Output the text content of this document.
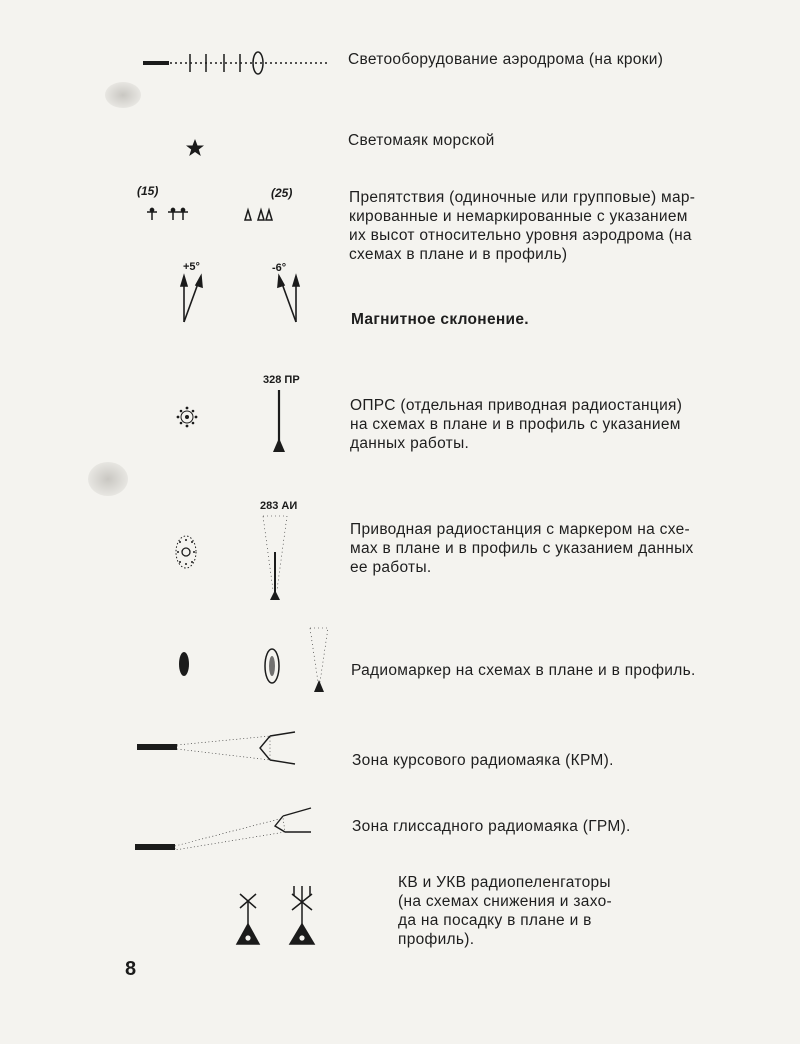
Светооборудование аэродрома (на кроки)
Светомаяк морской
(15)	(25)	Препятствия (одиночные или групповые) мар-
кированные и немаркированные с указанием
их высот относительно уровня аэродрома (на
схемах в плане и в профиль)
+5°	-6°
Магнитное склонение.
328 ПР
ОПРС (отдельная приводная радиостанция)
на схемах в плане и в профиль с указанием
данных работы.
283 АИ
Приводная радиостанция с маркером на схе-
мах в плане и в профиль с указанием данных
ее работы.
Радиомаркер на схемах в плане и в профиль.
Зона курсового радиомаяка (КРМ).
Зона глиссадного радиомаяка (ГРМ).
КВ и УКВ радиопеленгаторы
(на схемах снижения и захо-
да на посадку в плане и в
профиль).
8
